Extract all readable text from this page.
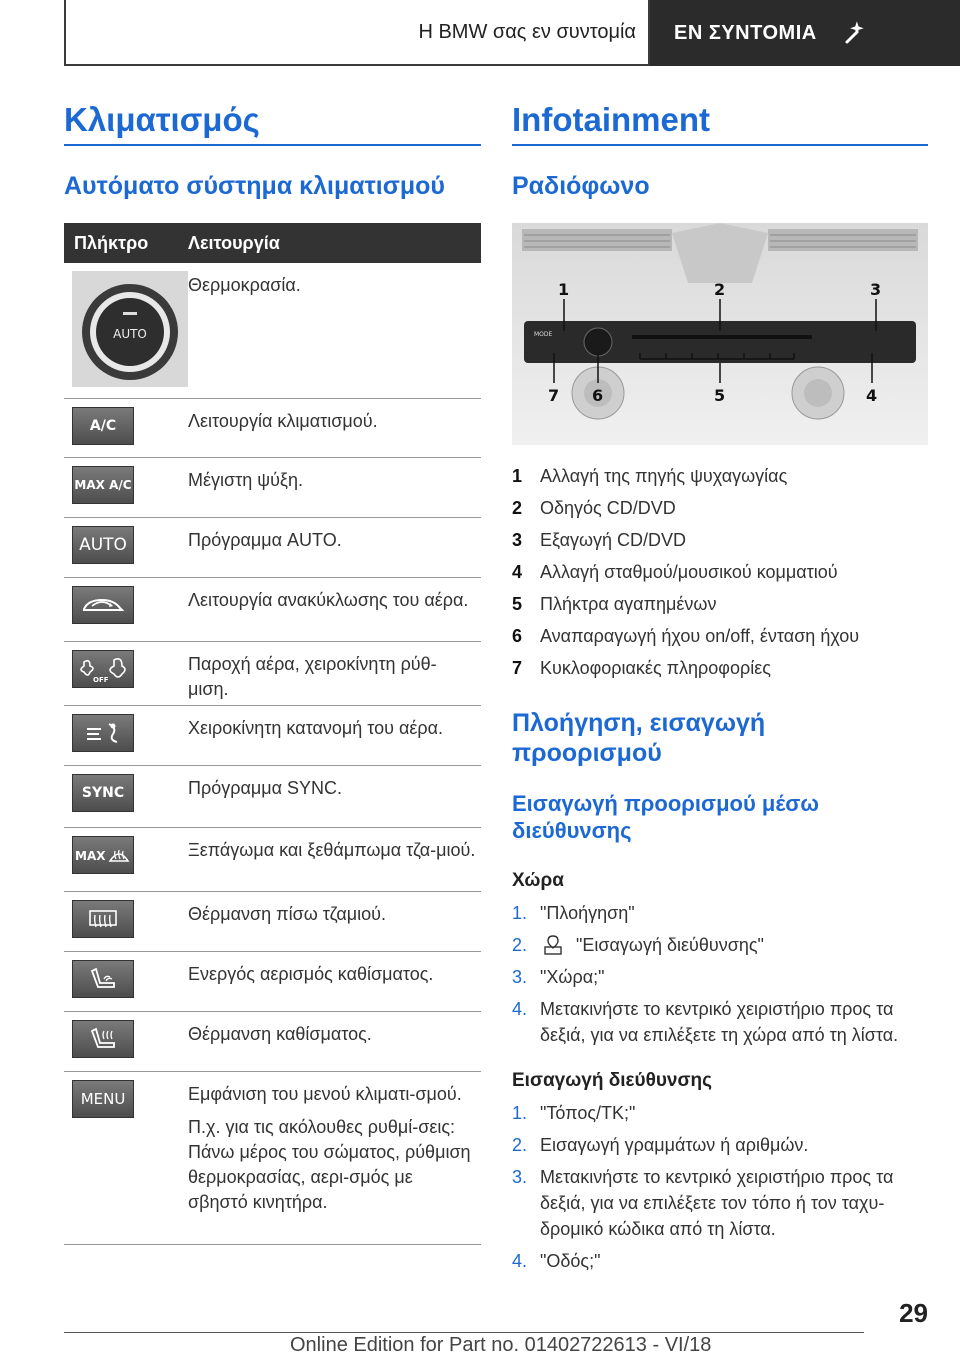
Η BMW σας εν συντομία ΕΝ ΣΥΝΤΟΜΙΑ
Κλιματισμός
Αυτόματο σύστημα κλιματισμού
Πλήκτρο	Λειτουργία
AUTO
Θερμοκρασία.
A/C	Λειτουργία κλιματισμού.
MAX A/C	Μέγιστη ψύξη.
AUTO	Πρόγραμμα AUTO.
Λειτουργία ανακύκλωσης του αέρα.
OFF
Παροχή αέρα, χειροκίνητη ρύθ-μιση.
Χειροκίνητη κατανομή του αέρα.
SYNC	Πρόγραμμα SYNC.
MAX	Ξεπάγωμα και ξεθάμπωμα τζα-μιού.
Θέρμανση πίσω τζαμιού.
Ενεργός αερισμός καθίσματος.
Θέρμανση καθίσματος.
MENU	Εμφάνιση του μενού κλιματι-σμού.
Π.χ. για τις ακόλουθες ρυθμί-σεις: Πάνω μέρος του σώματος, ρύθμιση θερμοκρασίας, αερι-σμός με σβηστό κινητήρα.
Infotainment
Ραδιόφωνο
1	2	3
7 6	5	4
MODE
1 Αλλαγή της πηγής ψυχαγωγίας
2 Οδηγός CD/DVD
3 Εξαγωγή CD/DVD
4 Αλλαγή σταθμού/μουσικού κομματιού
5 Πλήκτρα αγαπημένων
6 Αναπαραγωγή ήχου on/off, ένταση ήχου
7 Κυκλοφοριακές πληροφορίες
Πλοήγηση, εισαγωγή
προορισμού
Εισαγωγή προορισμού μέσω
διεύθυνσης
Χώρα
1. "Πλοήγηση"
2.	"Εισαγωγή διεύθυνσης"
3. "Χώρα;"
4. Μετακινήστε το κεντρικό χειριστήριο προς τα δεξιά, για να επιλέξετε τη χώρα από τη λίστα.
Εισαγωγή διεύθυνσης
1. "Τόπος/ΤΚ;"
2. Εισαγωγή γραμμάτων ή αριθμών.
3. Μετακινήστε το κεντρικό χειριστήριο προς τα δεξιά, για να επιλέξετε τον τόπο ή τον ταχυ-δρομικό κώδικα από τη λίστα.
4. "Οδός;"
29
Online Edition for Part no. 01402722613 - VI/18
